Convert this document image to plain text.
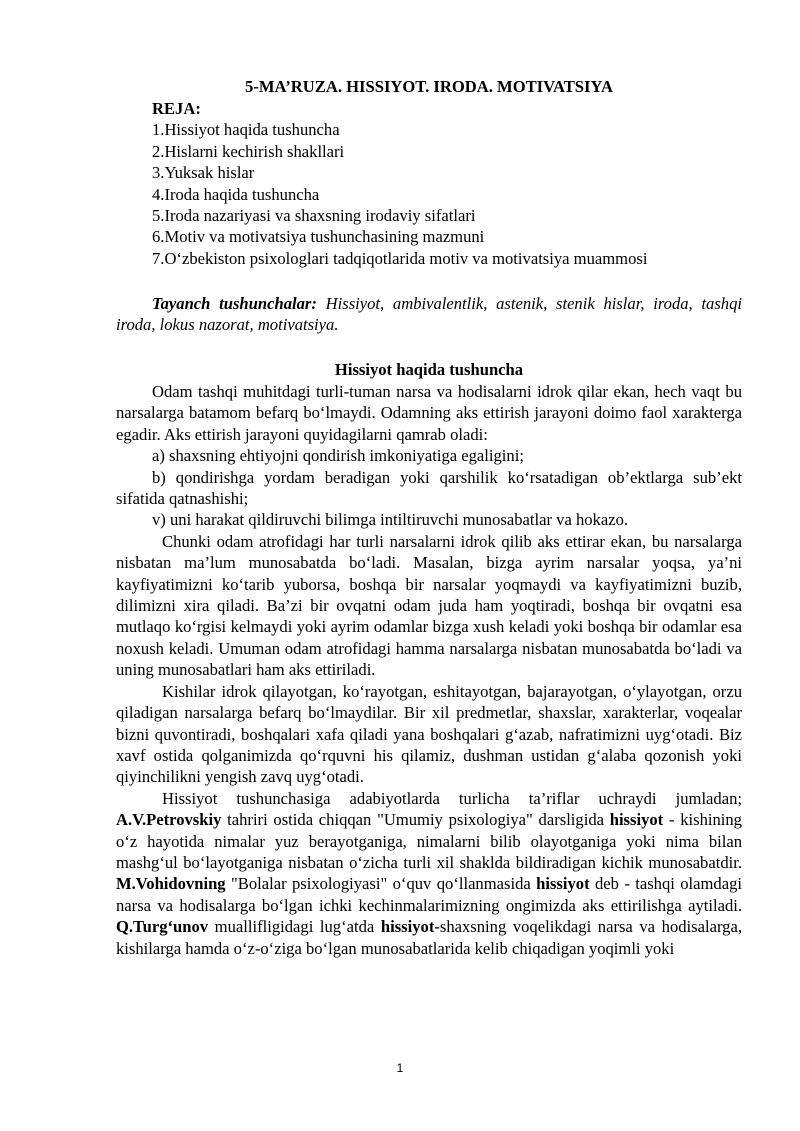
5-MA’RUZA. HISSIYOT. IRODA. MOTIVATSIYA
REJA:
1.Hissiyot haqida tushuncha
2.Hislarni kechirish shakllari
3.Yuksak hislar
4.Iroda haqida tushuncha
5.Iroda nazariyasi va shaxsning irodaviy sifatlari
6.Motiv va motivatsiya tushunchasining mazmuni
7.O‘zbekiston psixologlari tadqiqotlarida motiv va motivatsiya muammosi
Tayanch tushunchalar: Hissiyot, ambivalentlik, astenik, stenik hislar, iroda, tashqi iroda, lokus nazorat, motivatsiya.
Hissiyot haqida tushuncha

Odam tashqi muhitdagi turli-tuman narsa va hodisalarni idrok qilar ekan, hech vaqt bu narsalarga batamom befarq bo‘lmaydi. Odamning aks ettirish jarayoni doimo faol xarakterga egadir. Aks ettirish jarayoni quyidagilarni qamrab oladi:

a) shaxsning ehtiyojni qondirish imkoniyatiga egaligini;

b) qondirishga yordam beradigan yoki qarshilik ko‘rsatadigan ob’ektlarga sub’ekt sifatida qatnashishi;

v) uni harakat qildiruvchi bilimga intiltiruvchi munosabatlar va hokazo.

Chunki odam atrofidagi har turli narsalarni idrok qilib aks ettirar ekan, bu narsalarga nisbatan ma’lum munosabatda bo‘ladi. Masalan, bizga ayrim narsalar yoqsa, ya’ni kayfiyatimizni ko‘tarib yuborsa, boshqa bir narsalar yoqmaydi va kayfiyatimizni buzib, dilimizni xira qiladi. Ba’zi bir ovqatni odam juda ham yoqtiradi, boshqa bir ovqatni esa mutlaqo ko‘rgisi kelmaydi yoki ayrim odamlar bizga xush keladi yoki boshqa bir odamlar esa noxush keladi. Umuman odam atrofidagi hamma narsalarga nisbatan munosabatda bo‘ladi va uning munosabatlari ham aks ettiriladi.

Kishilar idrok qilayotgan, ko‘rayotgan, eshitayotgan, bajarayotgan, o‘ylayotgan, orzu qiladigan narsalarga befarq bo‘lmaydilar. Bir xil predmetlar, shaxslar, xarakterlar, voqealar bizni quvontiradi, boshqalari xafa qiladi yana boshqalari g‘azab, nafratimizni uyg‘otadi. Biz xavf ostida qolganimizda qo‘rquvni his qilamiz, dushman ustidan g‘alaba qozonish yoki qiyinchilikni yengish zavq uyg‘otadi.

Hissiyot tushunchasiga adabiyotlarda turlicha ta’riflar uchraydi jumladan; A.V.Petrovskiy tahriri ostida chiqqan "Umumiy psixologiya" darsligida hissiyot - kishining o‘z hayotida nimalar yuz berayotganiga, nimalarni bilib olayotganiga yoki nima bilan mashg‘ul bo‘layotganiga nisbatan o‘zicha turli xil shaklda bildiradigan kichik munosabatdir. M.Vohidovning "Bolalar psixologiyasi" o‘quv qo‘llanmasida hissiyot deb - tashqi olamdagi narsa va hodisalarga bo‘lgan ichki kechinmalarimizning ongimizda aks ettirilishga aytiladi. Q.Turg‘unov muallifligidagi lug‘atda hissiyot-shaxsning voqelikdagi narsa va hodisalarga, kishilarga hamda o‘z-o‘ziga bo‘lgan munosabatlarida kelib chiqadigan yoqimli yoki

1
